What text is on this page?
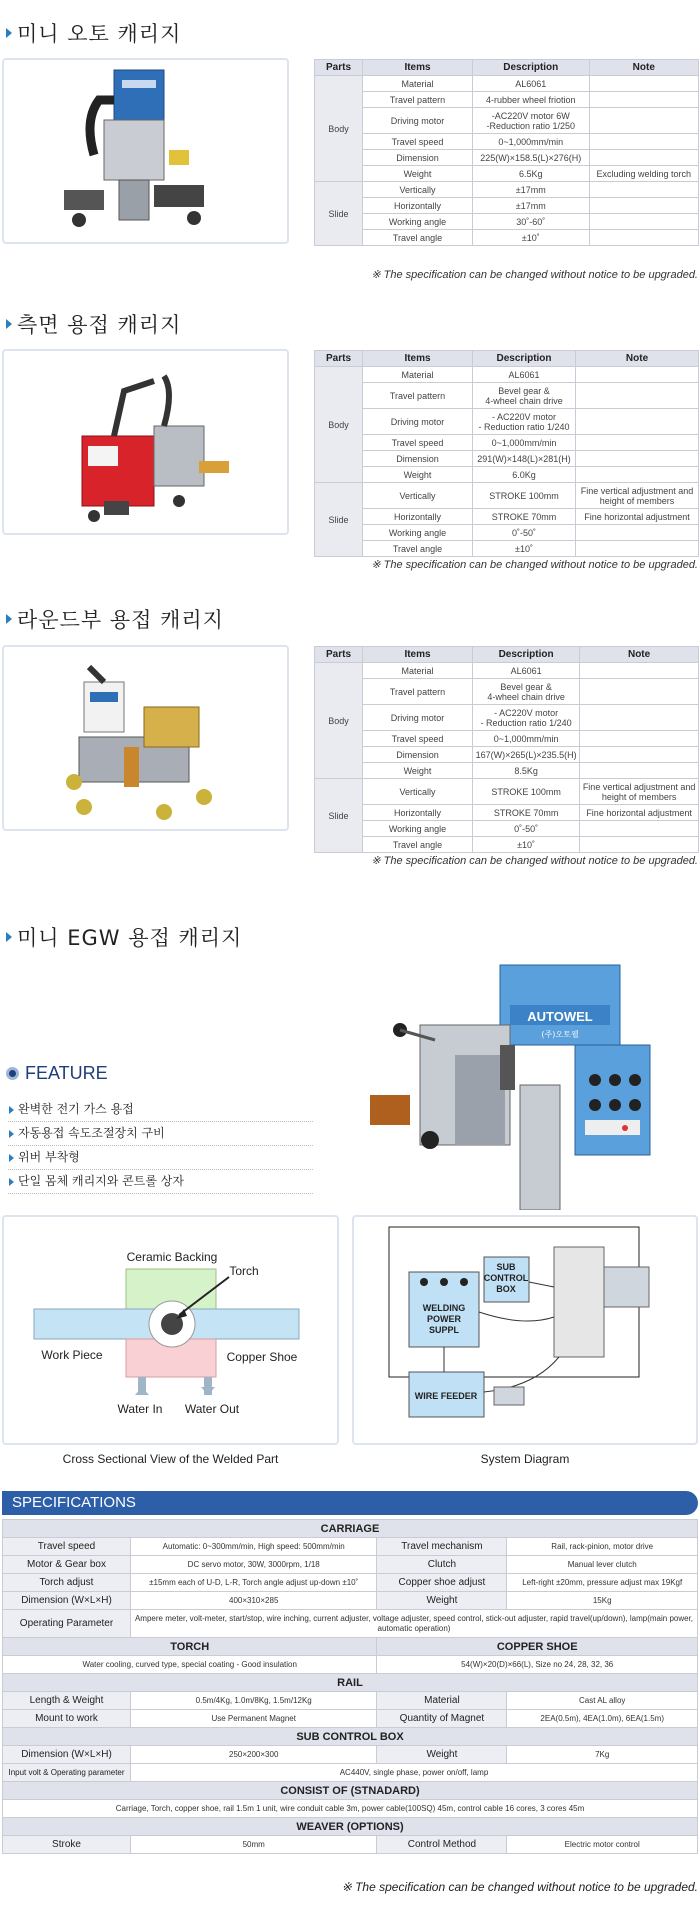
미니 오토 캐리지
Parts	Items	Description	Note
Body	Material	AL6061	
	Travel pattern	4-rubber wheel friotion	
	Driving motor	-AC220V motor 6W
-Reduction ratio 1/250	
	Travel speed	0~1,000mm/min	
	Dimension	225(W)×158.5(L)×276(H)	
	Weight	6.5Kg	Excluding welding torch
Slide	Vertically	±17mm	
	Horizontally	±17mm	
	Working angle	30˚-60˚	
	Travel angle	±10˚	
※ The specification can be changed without notice to be upgraded.
측면 용접 캐리지
Parts	Items	Description	Note
Body	Material	AL6061	
	Travel pattern	Bevel gear &
4-wheel chain drive	
	Driving motor	- AC220V motor
- Reduction ratio 1/240	
	Travel speed	0~1,000mm/min	
	Dimension	291(W)×148(L)×281(H)	
	Weight	6.0Kg	
Slide	Vertically	STROKE 100mm	Fine vertical adjustment and
height of members
	Horizontally	STROKE 70mm	Fine horizontal adjustment
	Working angle	0˚-50˚	
	Travel angle	±10˚	
※ The specification can be changed without notice to be upgraded.
라운드부 용접 캐리지
Parts	Items	Description	Note
Body	Material	AL6061	
	Travel pattern	Bevel gear &
4-wheel chain drive	
	Driving motor	- AC220V motor
- Reduction ratio 1/240	
	Travel speed	0~1,000mm/min	
	Dimension	167(W)×265(L)×235.5(H)	
	Weight	8.5Kg	
Slide	Vertically	STROKE 100mm	Fine vertical adjustment and
height of members
	Horizontally	STROKE 70mm	Fine horizontal adjustment
	Working angle	0˚-50˚	
	Travel angle	±10˚	
※ The specification can be changed without notice to be upgraded.
미니 EGW 용접 캐리지
AUTOWEL
(주)오토웰
FEATURE
완벽한 전기 가스 용접
자동용접 속도조절장치 구비
위버 부착형
단일 몸체 캐리지와 콘트롤 상자
Ceramic Backing
Torch
Work Piece	Copper Shoe
Water In Water Out
Cross Sectional View of the Welded Part
WELDING POWER SUPPL
SUB CONTROL BOX
WIRE FEEDER
System Diagram
SPECIFICATIONS
CARRIAGE			
Travel speed	Automatic: 0~300mm/min, High speed: 500mm/min	Travel mechanism	Rail, rack-pinion, motor drive
Motor & Gear box	DC servo motor, 30W, 3000rpm, 1/18	Clutch	Manual lever clutch
Torch adjust	±15mm each of U-D, L-R, Torch angle adjust up-down ±10˚	Copper shoe adjust	Left-right ±20mm, pressure adjust max 19Kgf
Dimension (W×L×H)	400×310×285	Weight	15Kg
Operating Parameter	Ampere meter, volt-meter, start/stop, wire inching, current adjuster, voltage adjuster, speed control, stick-out adjuster, rapid travel(up/down), lamp(main power, automatic operation)		
TORCH		COPPER SHOE	
Water cooling, curved type, special coating - Good insulation		54(W)×20(D)×66(L), Size no 24, 28, 32, 36	
RAIL			
Length & Weight	0.5m/4Kg, 1.0m/8Kg, 1.5m/12Kg	Material	Cast AL alloy
Mount to work	Use Permanent Magnet	Quantity of Magnet	2EA(0.5m), 4EA(1.0m), 6EA(1.5m)
SUB CONTROL BOX			
Dimension (W×L×H)	250×200×300	Weight	7Kg
Input volt & Operating parameter	AC440V, single phase, power on/off, lamp		
CONSIST OF (STNADARD)			
Carriage, Torch, copper shoe, rail 1.5m 1 unit, wire conduit cable 3m, power cable(100SQ) 45m, control cable 16 cores, 3 cores 45m			
WEAVER (OPTIONS)			
Stroke	50mm	Control Method	Electric motor control
※ The specification can be changed without notice to be upgraded.
